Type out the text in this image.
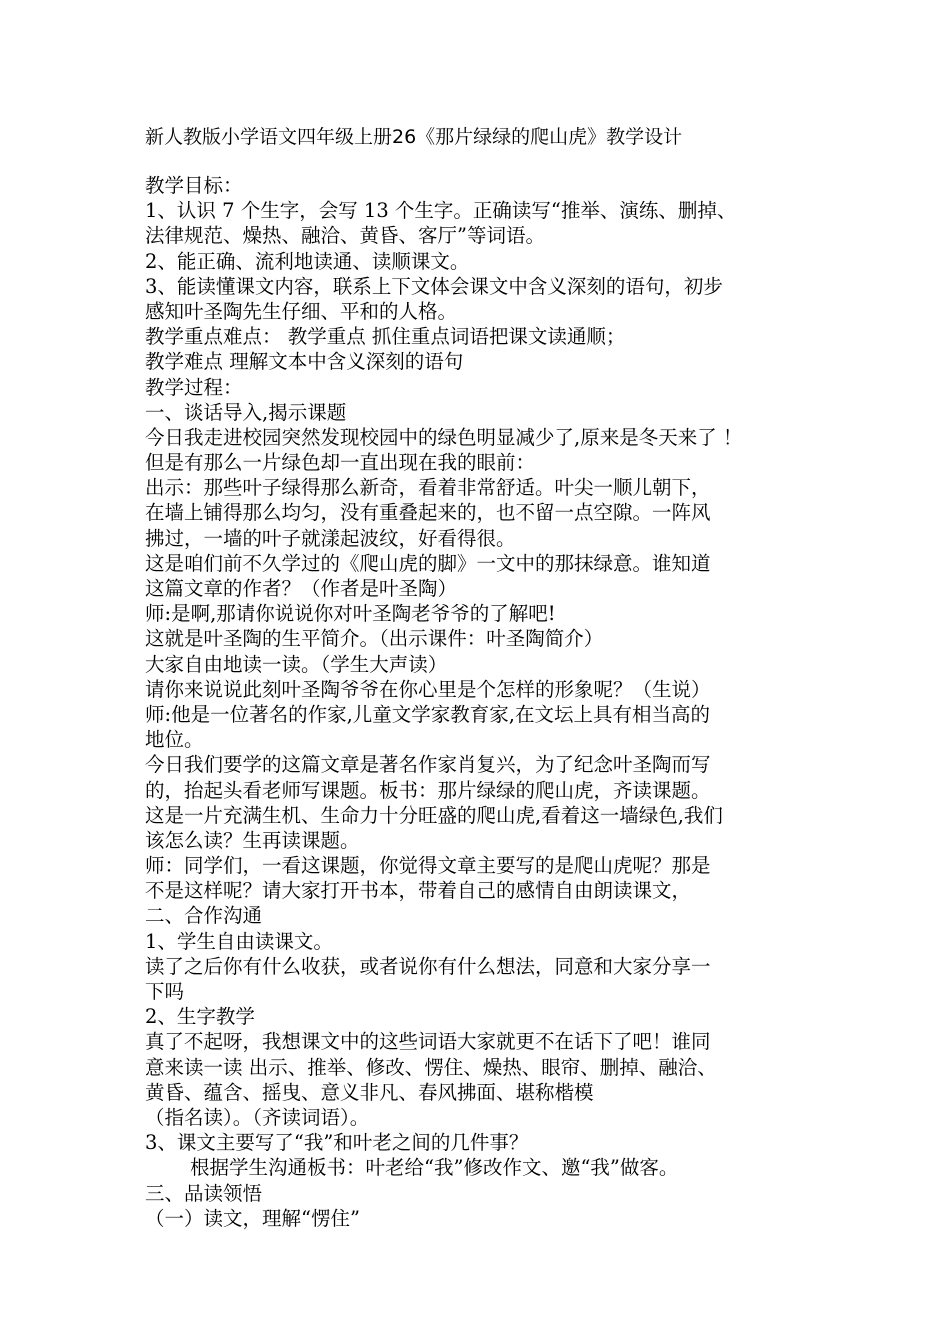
新人教版小学语文四年级上册26《那片绿绿的爬山虎》教学设计
教学目标：
1、认识 7 个生字，会写 13 个生字。正确读写“推举、演练、删掉、
法律规范、燥热、融洽、黄昏、客厅”等词语。
2、能正确、流利地读通、读顺课文。
3、能读懂课文内容，联系上下文体会课文中含义深刻的语句，初步
感知叶圣陶先生仔细、平和的人格。
教学重点难点： 教学重点 抓住重点词语把课文读通顺；
教学难点 理解文本中含义深刻的语句
教学过程：
一、谈话导入,揭示课题
今日我走进校园突然发现校园中的绿色明显减少了,原来是冬天来了 ！
但是有那么一片绿色却一直出现在我的眼前：
出示：那些叶子绿得那么新奇，看着非常舒适。叶尖一顺儿朝下，
在墙上铺得那么均匀，没有重叠起来的，也不留一点空隙。一阵风
拂过，一墙的叶子就漾起波纹，好看得很。
这是咱们前不久学过的《爬山虎的脚》一文中的那抹绿意。谁知道
这篇文章的作者？（作者是叶圣陶）
师:是啊,那请你说说你对叶圣陶老爷爷的了解吧!
这就是叶圣陶的生平简介。（出示课件：叶圣陶简介）
大家自由地读一读。（学生大声读）
请你来说说此刻叶圣陶爷爷在你心里是个怎样的形象呢？（生说）
师:他是一位著名的作家,儿童文学家教育家,在文坛上具有相当高的
地位。
今日我们要学的这篇文章是著名作家肖复兴，为了纪念叶圣陶而写
的，抬起头看老师写课题。板书：那片绿绿的爬山虎，齐读课题。
这是一片充满生机、生命力十分旺盛的爬山虎,看着这一墙绿色,我们
该怎么读？生再读课题。
师：同学们，一看这课题，你觉得文章主要写的是爬山虎呢？那是
不是这样呢？请大家打开书本，带着自己的感情自由朗读课文，
二、合作沟通
1、学生自由读课文。
读了之后你有什么收获，或者说你有什么想法，同意和大家分享一
下吗
2、生字教学
真了不起呀，我想课文中的这些词语大家就更不在话下了吧！谁同
意来读一读 出示、推举、修改、愣住、燥热、眼帘、删掉、融洽、
黄昏、蕴含、摇曳、意义非凡、春风拂面、堪称楷模
（指名读）。（齐读词语）。
3、课文主要写了“我”和叶老之间的几件事？
根据学生沟通板书：叶老给“我”修改作文、邀“我”做客。
三、品读领悟
（一）读文，理解“愣住”
